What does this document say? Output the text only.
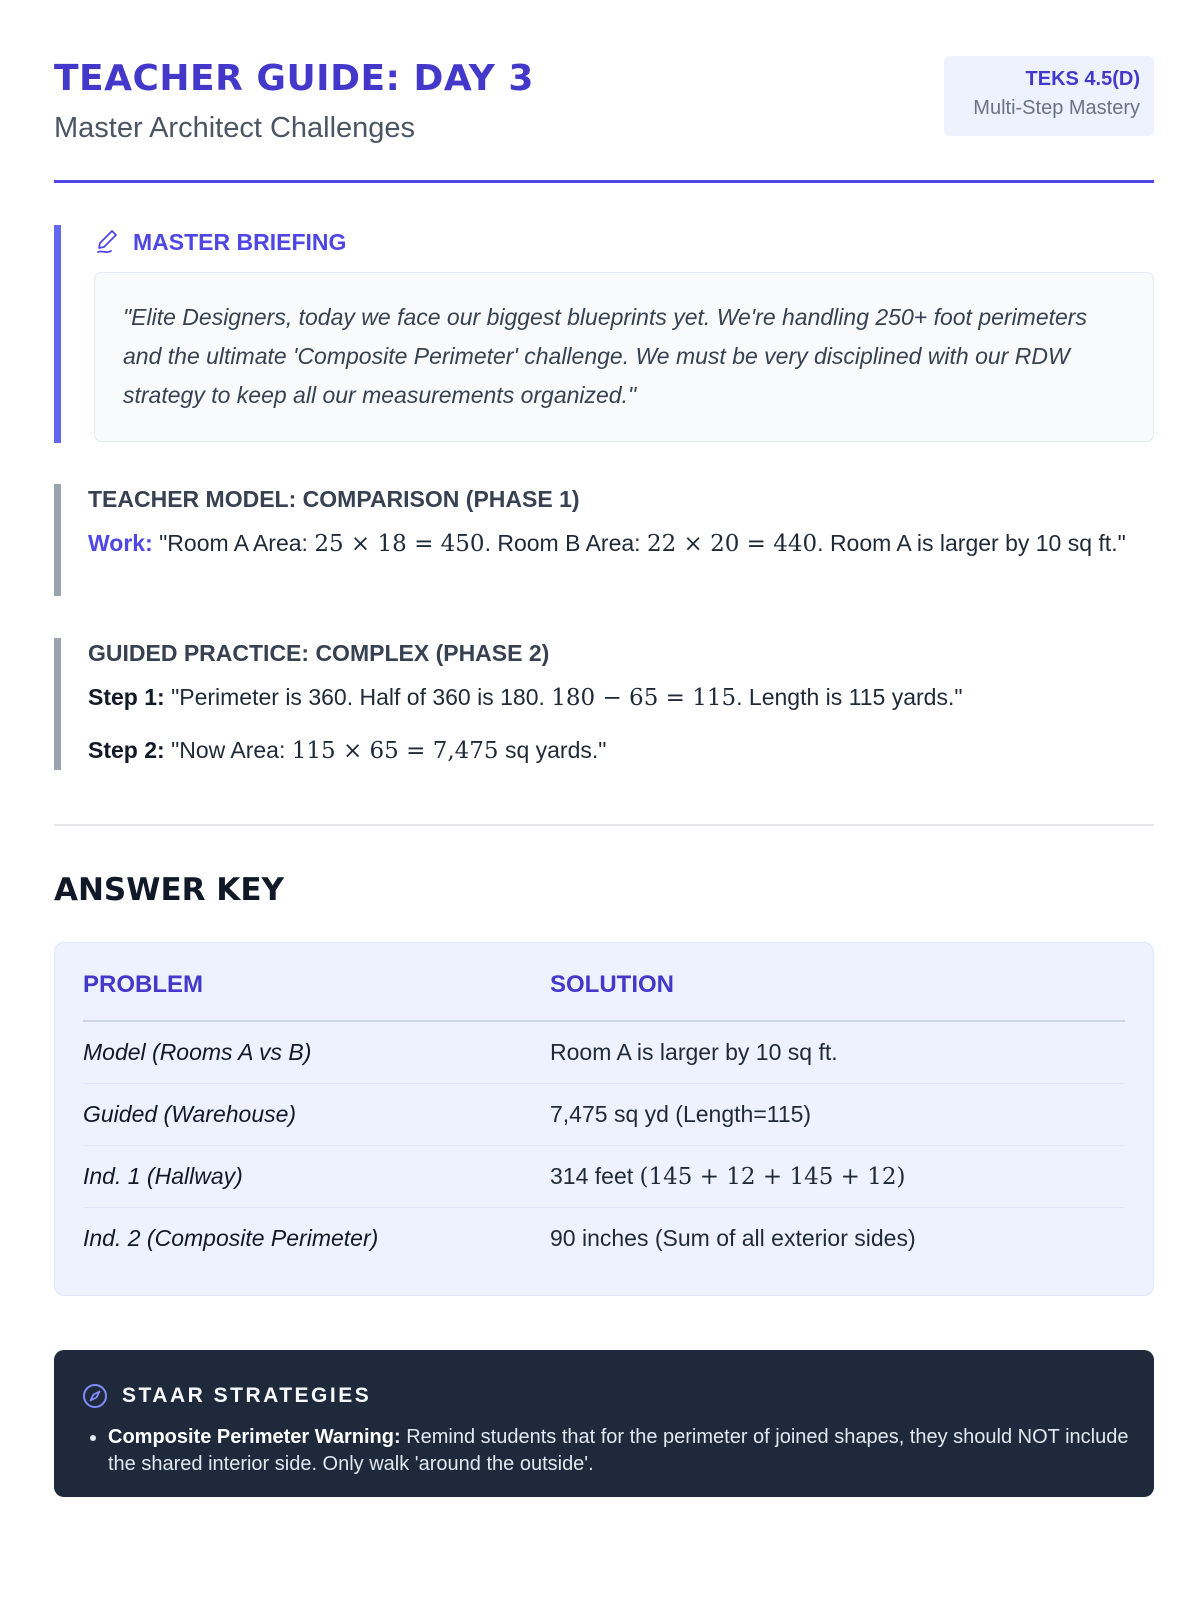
TEACHER GUIDE: DAY 3
Master Architect Challenges
TEKS 4.5(D)
Multi-Step Mastery
MASTER BRIEFING
"Elite Designers, today we face our biggest blueprints yet. We're handling 250+ foot perimeters and the ultimate 'Composite Perimeter' challenge. We must be very disciplined with our RDW strategy to keep all our measurements organized."
TEACHER MODEL: COMPARISON (PHASE 1)
Work: "Room A Area: 25 × 18 = 450. Room B Area: 22 × 20 = 440. Room A is larger by 10 sq ft."
GUIDED PRACTICE: COMPLEX (PHASE 2)
Step 1: "Perimeter is 360. Half of 360 is 180. 180 − 65 = 115. Length is 115 yards."
Step 2: "Now Area: 115 × 65 = 7,475 sq yards."
ANSWER KEY
PROBLEM	SOLUTION
Model (Rooms A vs B)	Room A is larger by 10 sq ft.
Guided (Warehouse)	7,475 sq yd (Length=115)
Ind. 1 (Hallway)	314 feet (145 + 12 + 145 + 12)
Ind. 2 (Composite Perimeter)	90 inches (Sum of all exterior sides)
STAAR STRATEGIES
• Composite Perimeter Warning: Remind students that for the perimeter of joined shapes, they should NOT include the shared interior side. Only walk 'around the outside'.
